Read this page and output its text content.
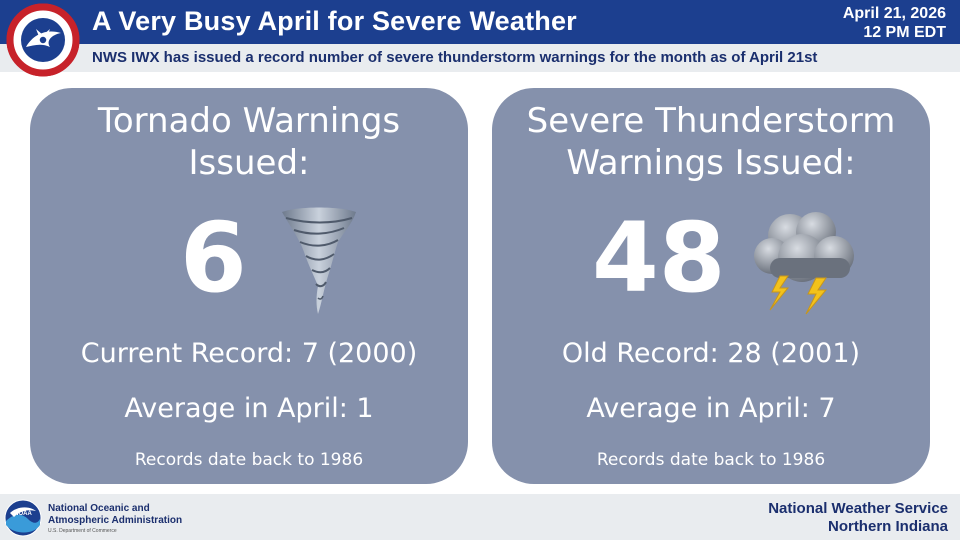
A Very Busy April for Severe Weather	April 21, 2026
12 PM EDT
NWS IWX has issued a record number of severe thunderstorm warnings for the month as of April 21st
Tornado Warnings
Issued:
6
Current Record: 7 (2000)
Average in April: 1
Records date back to 1986
Severe Thunderstorm
Warnings Issued:
48
Old Record: 28 (2001)
Average in April: 7
Records date back to 1986
NOAA National Oceanic and
Atmospheric Administration
U.S. Department of Commerce
National Weather Service
Northern Indiana
